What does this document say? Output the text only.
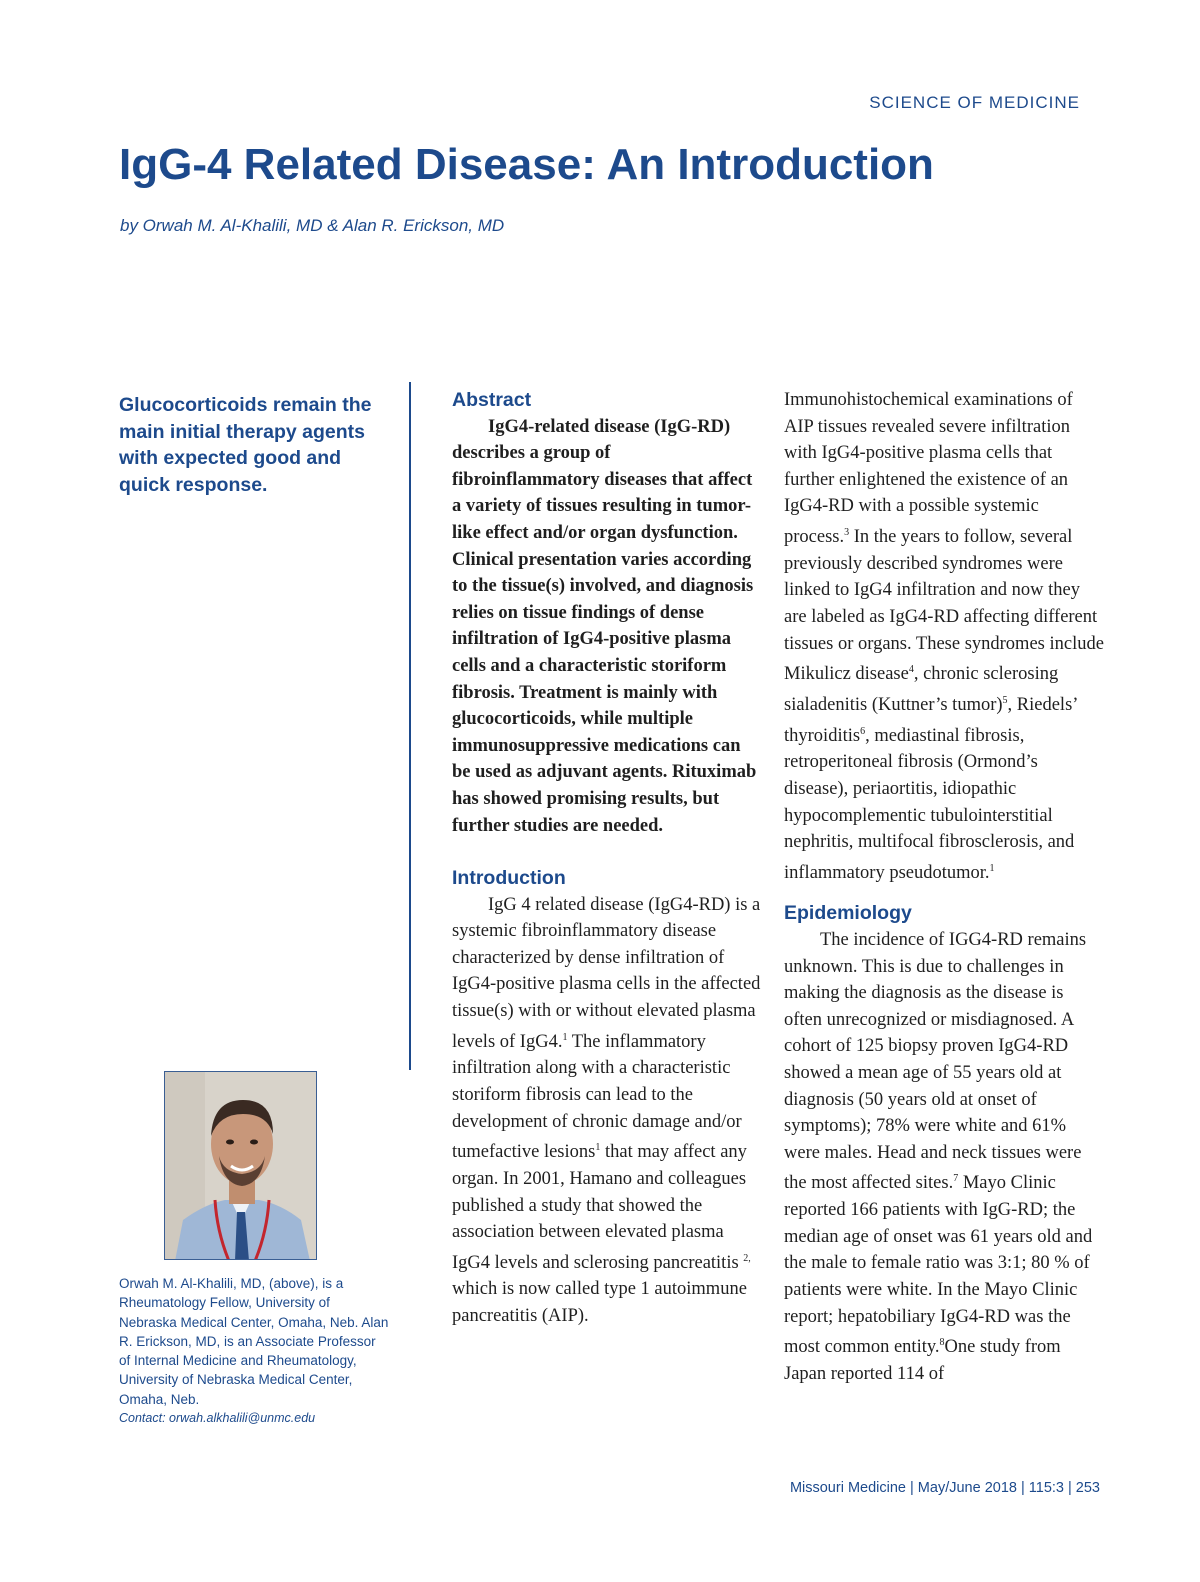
SCIENCE OF MEDICINE
IgG-4 Related Disease: An Introduction
by Orwah M. Al-Khalili, MD & Alan R. Erickson, MD
Glucocorticoids remain the main initial therapy agents with expected good and quick response.
Orwah M. Al-Khalili, MD, (above), is a Rheumatology Fellow, University of Nebraska Medical Center, Omaha, Neb. Alan R. Erickson, MD, is an Associate Professor of Internal Medicine and Rheumatology, University of Nebraska Medical Center, Omaha, Neb.
Contact: orwah.alkhalili@unmc.edu
Abstract

IgG4-related disease (IgG-RD) describes a group of fibroinflammatory diseases that affect a variety of tissues resulting in tumor-like effect and/or organ dysfunction. Clinical presentation varies according to the tissue(s) involved, and diagnosis relies on tissue findings of dense infiltration of IgG4-positive plasma cells and a characteristic storiform fibrosis. Treatment is mainly with glucocorticoids, while multiple immunosuppressive medications can be used as adjuvant agents. Rituximab has showed promising results, but further studies are needed.

Introduction

IgG 4 related disease (IgG4-RD) is a systemic fibroinflammatory disease characterized by dense infiltration of IgG4-positive plasma cells in the affected tissue(s) with or without elevated plasma levels of IgG4.$^1$ The inflammatory infiltration along with a characteristic storiform fibrosis can lead to the development of chronic damage and/or tumefactive lesions$^1$ that may affect any organ. In 2001, Hamano and colleagues published a study that showed the association between elevated plasma IgG4 levels and sclerosing pancreatitis $^{2,}$ which is now called type 1 autoimmune pancreatitis (AIP).

Immunohistochemical examinations of AIP tissues revealed severe infiltration with IgG4-positive plasma cells that further enlightened the existence of an IgG4-RD with a possible systemic process.$^3$ In the years to follow, several previously described syndromes were linked to IgG4 infiltration and now they are labeled as IgG4-RD affecting different tissues or organs. These syndromes include Mikulicz disease$^4$, chronic sclerosing sialadenitis (Kuttner’s tumor)$^5$, Riedels’ thyroiditis$^6$, mediastinal fibrosis, retroperitoneal fibrosis (Ormond’s disease), periaortitis, idiopathic hypocomplementic tubulointerstitial nephritis, multifocal fibrosclerosis, and inflammatory pseudotumor.$^1$

Epidemiology

The incidence of IGG4-RD remains unknown. This is due to challenges in making the diagnosis as the disease is often unrecognized or misdiagnosed. A cohort of 125 biopsy proven IgG4-RD showed a mean age of 55 years old at diagnosis (50 years old at onset of symptoms); 78% were white and 61% were males. Head and neck tissues were the most affected sites.$^7$ Mayo Clinic reported 166 patients with IgG-RD; the median age of onset was 61 years old and the male to female ratio was 3:1; 80 % of patients were white. In the Mayo Clinic report; hepatobiliary IgG4-RD was the most common entity.$^8$One study from Japan reported 114 of

Missouri Medicine | May/June 2018 | 115:3 | 253
